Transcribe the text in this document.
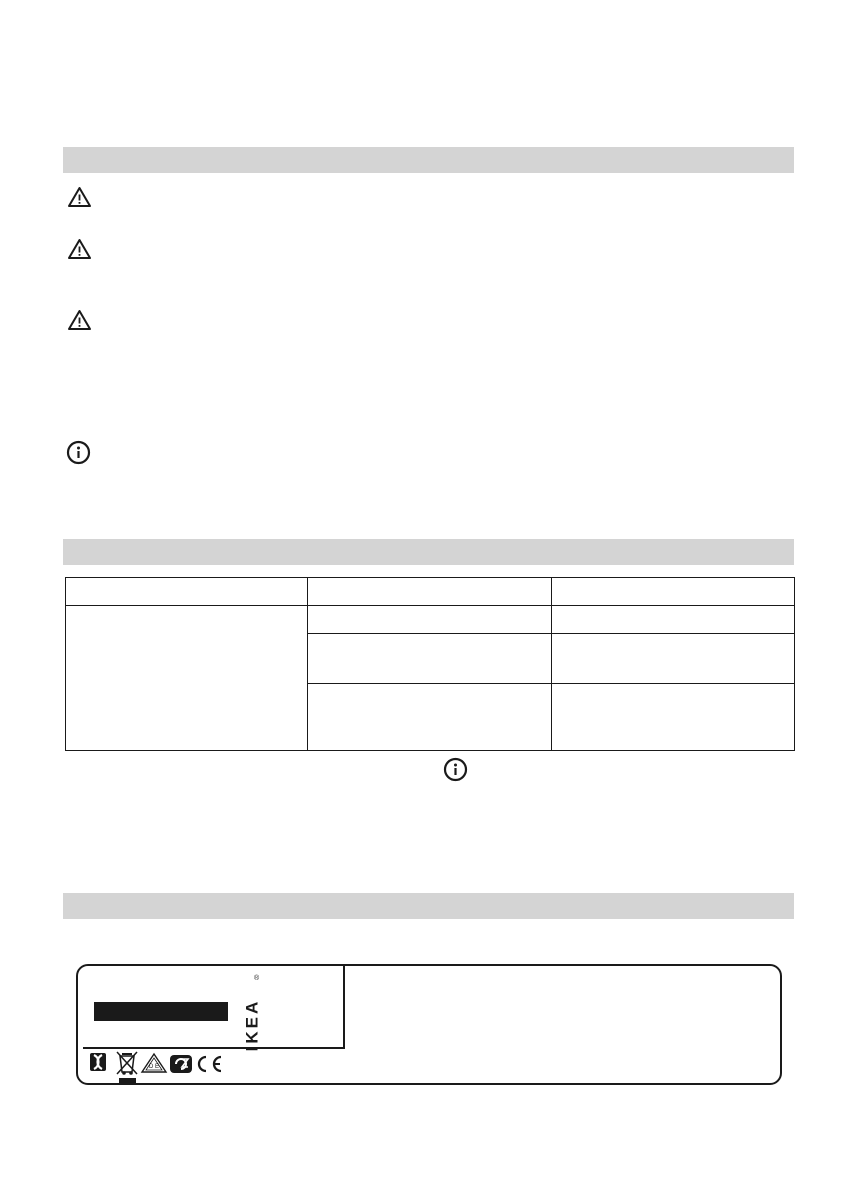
IKEA
®
D E
